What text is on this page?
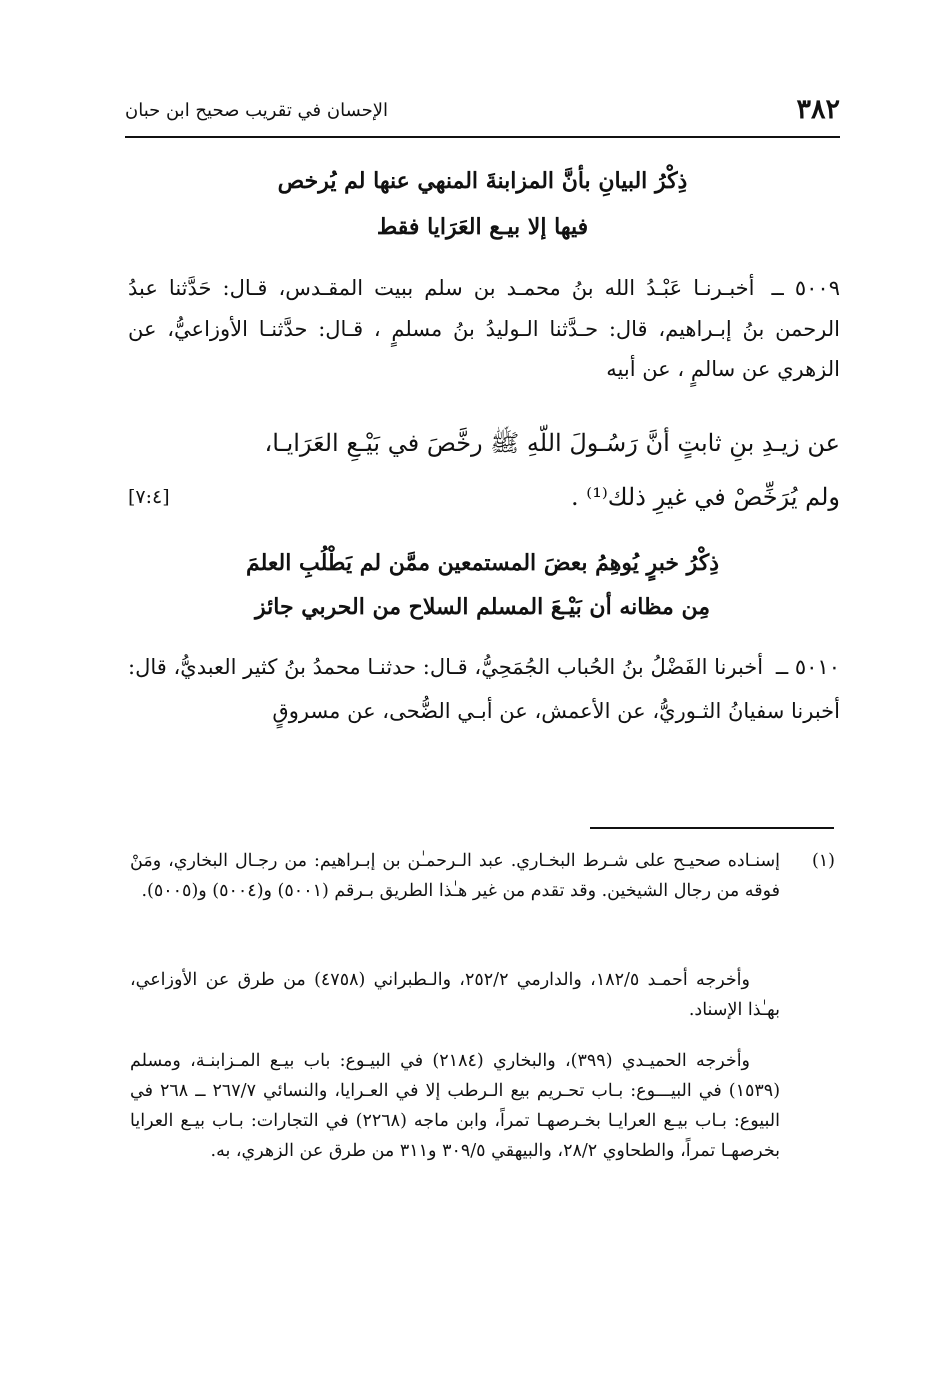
٣٨٢
الإحسان في تقريب صحيح ابن حبان
ذِكْرُ البيانِ بأنَّ المزابنةَ المنهي عنها لم يُرخص
فيها إلا بيـع العَرَايا فقط
٥٠٠٩ ــ أخبـرنـا عَبْـدُ الله بنُ محمـد بن سلم ببيت المقـدس، قـال: حَدَّثنا عبدُ الرحمن بنُ إبـراهيم، قال: حـدَّثنا الـوليدُ بنُ مسلمٍ ، قـال: حدَّثنـا الأوزاعيُّ، عن الزهري عن سالمٍ ، عن أبيه
عن زيـدِ بنِ ثابتٍ أنَّ رَسُـولَ اللّهِ ﷺ رخَّصَ في بَيْـعِ العَرَايـا،
ولم يُرَخِّصْ في غيرِ ذلك⁽¹⁾ .
[٧:٤]
ذِكْرُ خبرٍ يُوهِمُ بعضَ المستمعين ممَّن لم يَطْلُبِ العلمَ
مِن مظانه أن بَيْـعَ المسلم السلاح من الحربي جائز
٥٠١٠ ــ أخبرنا الفَضْلُ بنُ الحُباب الجُمَحِيُّ، قـال: حدثنـا محمدُ بنُ كثير العبديُّ، قال: أخبرنا سفيانُ الثـوريُّ، عن الأعمش، عن أبـي الضُّحى، عن مسروقٍ
(١)
إسنـاده صحيـح على شـرط البخـاري. عبد الـرحمـٰن بن إبـراهيم: من رجـال البخاري، ومَنْ فوقه من رجال الشيخين. وقد تقدم من غير هـٰذا الطريق بـرقم (٥٠٠١) و(٥٠٠٤) و(٥٠٠٥).
وأخرجه أحمـد ١٨٢/٥، والدارمي ٢٥٢/٢، والـطبراني (٤٧٥٨) من طرق عن الأوزاعي، بهـٰذا الإسناد.
وأخرجه الحميـدي (٣٩٩)، والبخاري (٢١٨٤) في البيـوع: باب بيـع المـزابنـة، ومسلم (١٥٣٩) في البيـــوع: بـاب تحـريم بيع الـرطب إلا في العـرايا، والنسائي ٢٦٧/٧ ــ ٢٦٨ في البيوع: بـاب بيـع العرايـا بخـرصهـا تمراً، وابن ماجه (٢٢٦٨) في التجارات: بـاب بيـع العرايا بخرصهـا تمراً، والطحاوي ٢٨/٢، والبيهقي ٣٠٩/٥ و٣١١ من طرق عن الزهري، به.
